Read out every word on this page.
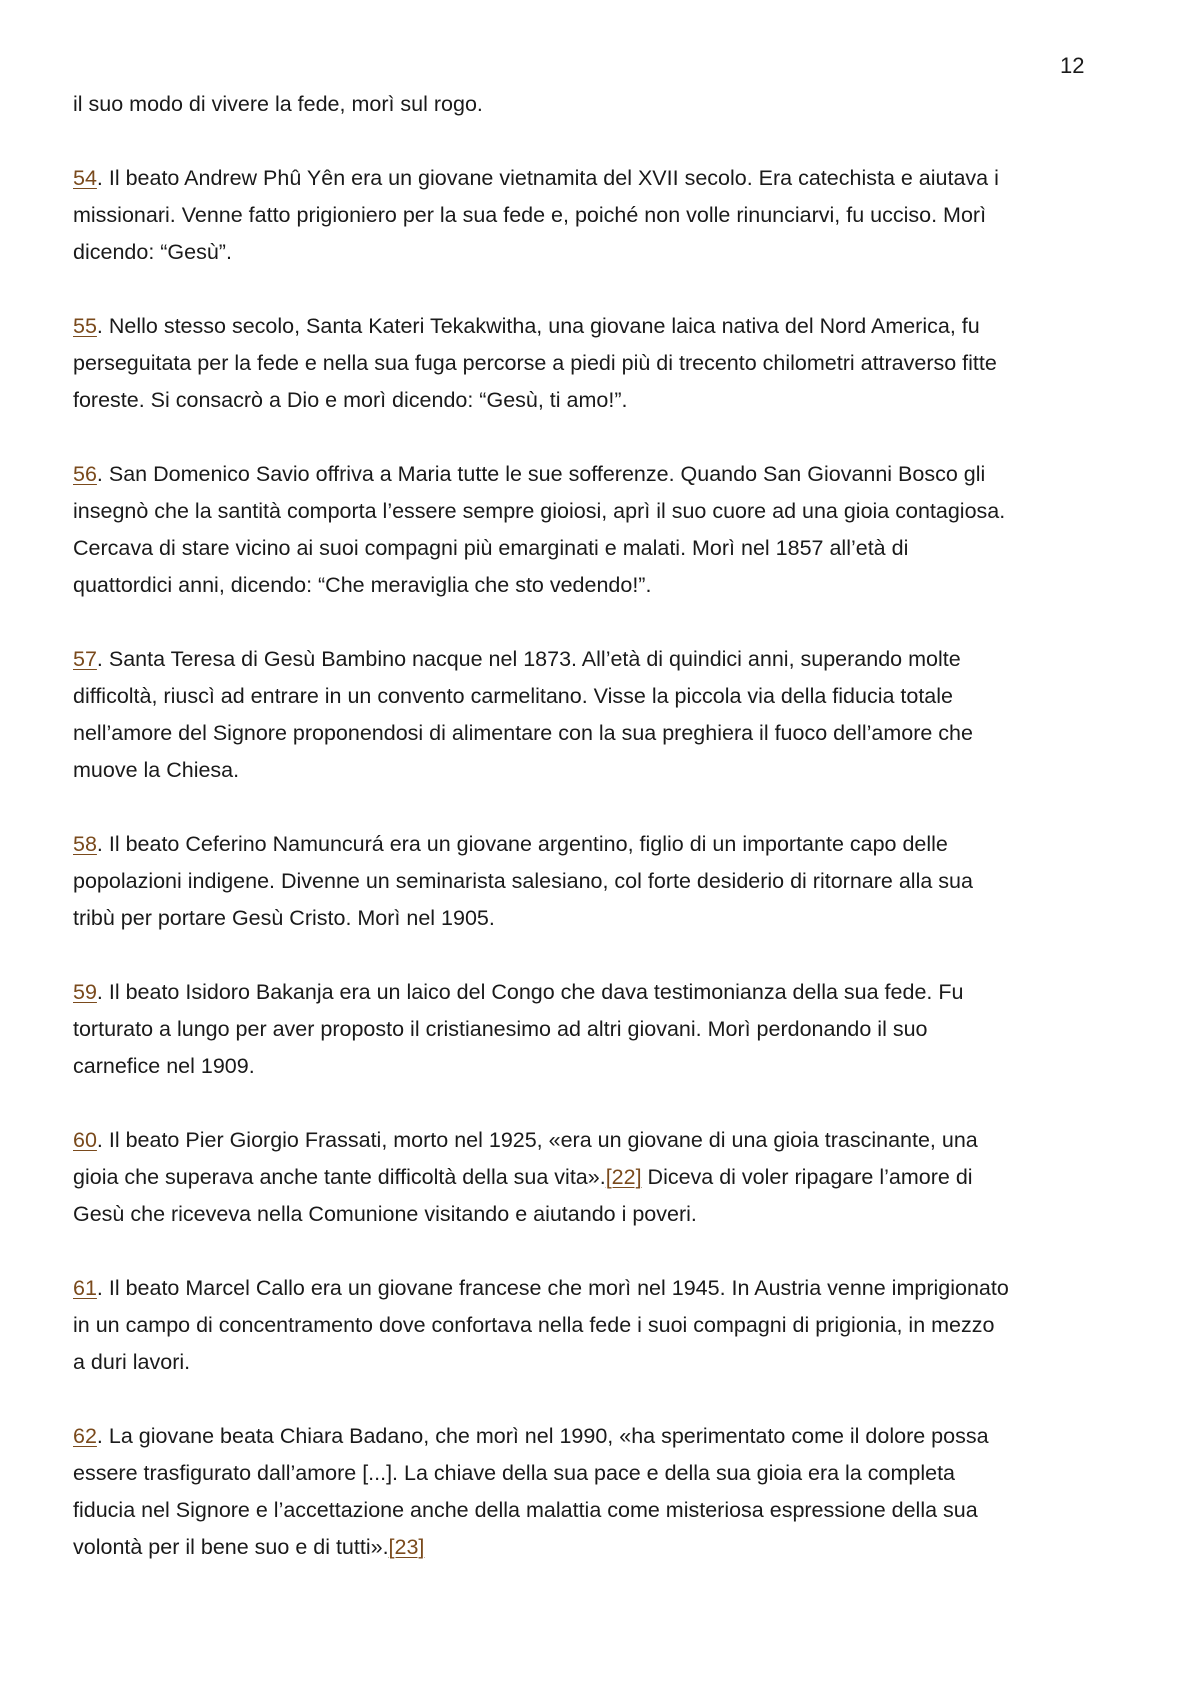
12

il suo modo di vivere la fede, morì sul rogo.

54. Il beato Andrew Phû Yên era un giovane vietnamita del XVII secolo. Era catechista e aiutava i
missionari. Venne fatto prigioniero per la sua fede e, poiché non volle rinunciarvi, fu ucciso. Morì
dicendo: “Gesù”.

55. Nello stesso secolo, Santa Kateri Tekakwitha, una giovane laica nativa del Nord America, fu
perseguitata per la fede e nella sua fuga percorse a piedi più di trecento chilometri attraverso fitte
foreste. Si consacrò a Dio e morì dicendo: “Gesù, ti amo!”.

56. San Domenico Savio offriva a Maria tutte le sue sofferenze. Quando San Giovanni Bosco gli
insegnò che la santità comporta l’essere sempre gioiosi, aprì il suo cuore ad una gioia contagiosa.
Cercava di stare vicino ai suoi compagni più emarginati e malati. Morì nel 1857 all’età di
quattordici anni, dicendo: “Che meraviglia che sto vedendo!”.

57. Santa Teresa di Gesù Bambino nacque nel 1873. All’età di quindici anni, superando molte
difficoltà, riuscì ad entrare in un convento carmelitano. Visse la piccola via della fiducia totale
nell’amore del Signore proponendosi di alimentare con la sua preghiera il fuoco dell’amore che
muove la Chiesa.

58. Il beato Ceferino Namuncurá era un giovane argentino, figlio di un importante capo delle
popolazioni indigene. Divenne un seminarista salesiano, col forte desiderio di ritornare alla sua
tribù per portare Gesù Cristo. Morì nel 1905.

59. Il beato Isidoro Bakanja era un laico del Congo che dava testimonianza della sua fede. Fu
torturato a lungo per aver proposto il cristianesimo ad altri giovani. Morì perdonando il suo
carnefice nel 1909.

60. Il beato Pier Giorgio Frassati, morto nel 1925, «era un giovane di una gioia trascinante, una
gioia che superava anche tante difficoltà della sua vita».[22] Diceva di voler ripagare l’amore di
Gesù che riceveva nella Comunione visitando e aiutando i poveri.

61. Il beato Marcel Callo era un giovane francese che morì nel 1945. In Austria venne imprigionato
in un campo di concentramento dove confortava nella fede i suoi compagni di prigionia, in mezzo
a duri lavori.

62. La giovane beata Chiara Badano, che morì nel 1990, «ha sperimentato come il dolore possa
essere trasfigurato dall’amore [...]. La chiave della sua pace e della sua gioia era la completa
fiducia nel Signore e l’accettazione anche della malattia come misteriosa espressione della sua
volontà per il bene suo e di tutti».[23]
